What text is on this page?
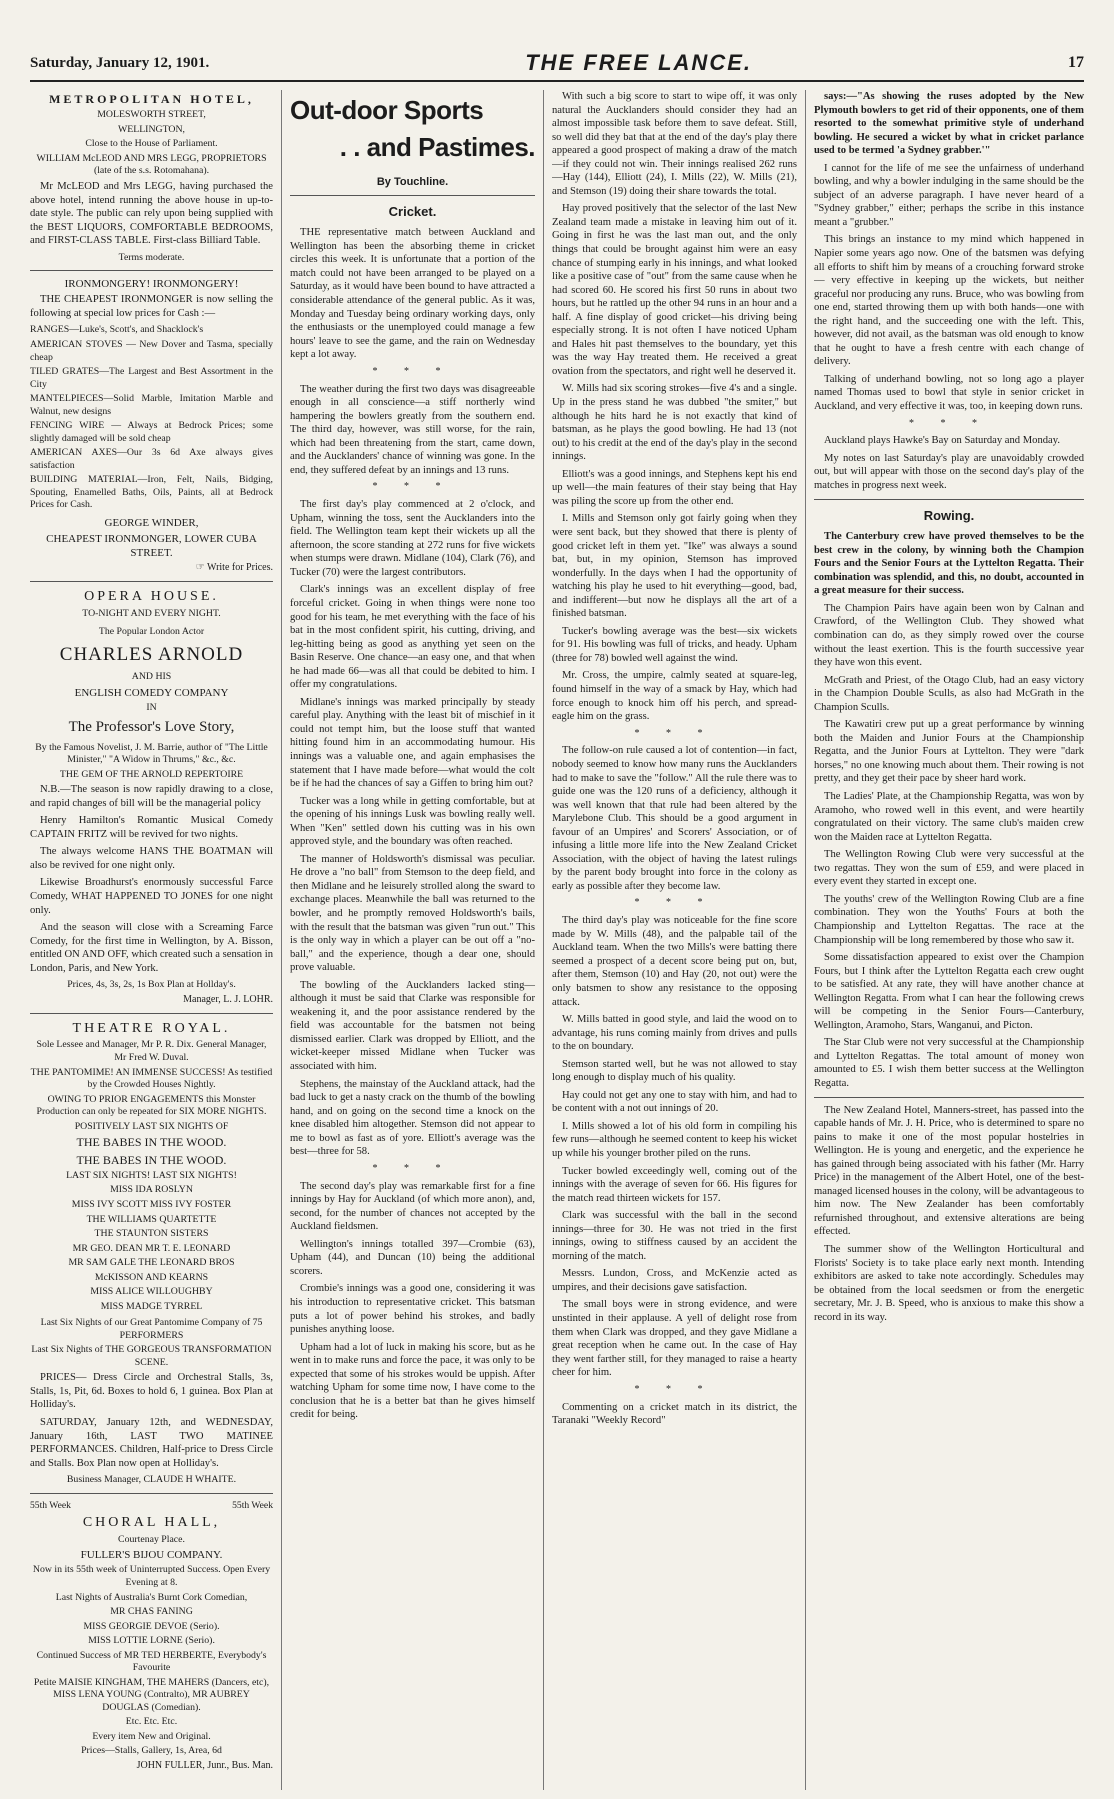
Saturday, January 12, 1901.	THE FREE LANCE.	17
METROPOLITAN HOTEL,
MOLESWORTH STREET,
WELLINGTON,
Close to the House of Parliament.
WILLIAM McLEOD AND MRS LEGG, PROPRIETORS (late of the s.s. Rotomahana).

Mr McLEOD and Mrs LEGG, having purchased the above hotel, intend running the above house in up-to-date style. The public can rely upon being supplied with the BEST LIQUORS, COMFORTABLE BEDROOMS, and FIRST-CLASS TABLE. First-class Billiard Table.

Terms moderate.
IRONMONGERY! IRONMONGERY!

THE CHEAPEST IRONMONGER is now selling the following at special low prices for Cash :—

RANGES—Luke's, Scott's, and Shacklock's
AMERICAN STOVES — New Dover and Tasma, specially cheap
TILED GRATES—The Largest and Best Assortment in the City
MANTELPIECES—Solid Marble, Imitation Marble and Walnut, new designs
FENCING WIRE — Always at Bedrock Prices; some slightly damaged will be sold cheap
AMERICAN AXES—Our 3s 6d Axe always gives satisfaction
BUILDING MATERIAL—Iron, Felt, Nails, Bidging, Spouting, Enamelled Baths, Oils, Paints, all at Bedrock Prices for Cash.
GEORGE WINDER,
CHEAPEST IRONMONGER, LOWER CUBA STREET.
☞ Write for Prices.
OPERA HOUSE.
TO-NIGHT AND EVERY NIGHT.
The Popular London Actor
CHARLES ARNOLD
AND HIS
ENGLISH COMEDY COMPANY
IN
The Professor's Love Story,
By the Famous Novelist, J. M. Barrie, author of "The Little Minister," "A Widow in Thrums," &c., &c.
THE GEM OF THE ARNOLD REPERTOIRE

N.B.—The season is now rapidly drawing to a close, and rapid changes of bill will be the managerial policy

Henry Hamilton's Romantic Musical Comedy CAPTAIN FRITZ will be revived for two nights.

The always welcome HANS THE BOATMAN will also be revived for one night only.

Likewise Broadhurst's enormously successful Farce Comedy, WHAT HAPPENED TO JONES for one night only.

And the season will close with a Screaming Farce Comedy, for the first time in Wellington, by A. Bisson, entitled ON AND OFF, which created such a sensation in London, Paris, and New York.

Prices, 4s, 3s, 2s, 1s Box Plan at Hollday's.
Manager, L. J. LOHR.
THEATRE ROYAL.
Sole Lessee and Manager, Mr P. R. Dix. General Manager, Mr Fred W. Duval.
THE PANTOMIME! AN IMMENSE SUCCESS! As testified by the Crowded Houses Nightly.
OWING TO PRIOR ENGAGEMENTS this Monster Production can only be repeated for SIX MORE NIGHTS.
POSITIVELY LAST SIX NIGHTS OF
THE BABES IN THE WOOD.
THE BABES IN THE WOOD.
LAST SIX NIGHTS! LAST SIX NIGHTS!
MISS IDA ROSLYN
MISS IVY SCOTT MISS IVY FOSTER
THE WILLIAMS QUARTETTE
THE STAUNTON SISTERS
MR GEO. DEAN MR T. E. LEONARD
MR SAM GALE THE LEONARD BROS
McKISSON AND KEARNS
MISS ALICE WILLOUGHBY
MISS MADGE TYRREL
Last Six Nights of our Great Pantomime Company of 75 PERFORMERS
Last Six Nights of THE GORGEOUS TRANSFORMATION SCENE.

PRICES— Dress Circle and Orchestral Stalls, 3s, Stalls, 1s, Pit, 6d. Boxes to hold 6, 1 guinea. Box Plan at Holliday's.

SATURDAY, January 12th, and WEDNESDAY, January 16th, LAST TWO MATINEE PERFORMANCES. Children, Half-price to Dress Circle and Stalls. Box Plan now open at Holliday's.

Business Manager, CLAUDE H WHAITE.
55th Week	55th Week
CHORAL HALL,
Courtenay Place.
FULLER'S BIJOU COMPANY.
Now in its 55th week of Uninterrupted Success. Open Every Evening at 8.
Last Nights of Australia's Burnt Cork Comedian,
MR CHAS FANING
MISS GEORGIE DEVOE (Serio).
MISS LOTTIE LORNE (Serio).
Continued Success of MR TED HERBERTE, Everybody's Favourite
Petite MAISIE KINGHAM, THE MAHERS (Dancers, etc), MISS LENA YOUNG (Contralto), MR AUBREY DOUGLAS (Comedian).
Etc. Etc. Etc.
Every item New and Original.
Prices—Stalls, Gallery, 1s, Area, 6d
JOHN FULLER, Junr., Bus. Man.
Out-door Sports
. . and Pastimes.
By Touchline.
Cricket.

THE representative match between Auckland and Wellington has been the absorbing theme in cricket circles this week. It is unfortunate that a portion of the match could not have been arranged to be played on a Saturday, as it would have been bound to have attracted a considerable attendance of the general public. As it was, Monday and Tuesday being ordinary working days, only the enthusiasts or the unemployed could manage a few hours' leave to see the game, and the rain on Wednesday kept a lot away.

* * *

The weather during the first two days was disagreeable enough in all conscience—a stiff northerly wind hampering the bowlers greatly from the southern end. The third day, however, was still worse, for the rain, which had been threatening from the start, came down, and the Aucklanders' chance of winning was gone. In the end, they suffered defeat by an innings and 13 runs.

* * *

The first day's play commenced at 2 o'clock, and Upham, winning the toss, sent the Aucklanders into the field. The Wellington team kept their wickets up all the afternoon, the score standing at 272 runs for five wickets when stumps were drawn. Midlane (104), Clark (76), and Tucker (70) were the largest contributors.

Clark's innings was an excellent display of free forceful cricket. Going in when things were none too good for his team, he met everything with the face of his bat in the most confident spirit, his cutting, driving, and leg-hitting being as good as anything yet seen on the Basin Reserve. One chance—an easy one, and that when he had made 66—was all that could be debited to him. I offer my congratulations.

Midlane's innings was marked principally by steady careful play. Anything with the least bit of mischief in it could not tempt him, but the loose stuff that wanted hitting found him in an accommodating humour. His innings was a valuable one, and again emphasises the statement that I have made before—what would the colt be if he had the chances of say a Giffen to bring him out?

Tucker was a long while in getting comfortable, but at the opening of his innings Lusk was bowling really well. When "Ken" settled down his cutting was in his own approved style, and the boundary was often reached.

The manner of Holdsworth's dismissal was peculiar. He drove a "no ball" from Stemson to the deep field, and then Midlane and he leisurely strolled along the sward to exchange places. Meanwhile the ball was returned to the bowler, and he promptly removed Holdsworth's bails, with the result that the batsman was given "run out." This is the only way in which a player can be out off a "no-ball," and the experience, though a dear one, should prove valuable.

The bowling of the Aucklanders lacked sting—although it must be said that Clarke was responsible for weakening it, and the poor assistance rendered by the field was accountable for the batsmen not being dismissed earlier. Clark was dropped by Elliott, and the wicket-keeper missed Midlane when Tucker was associated with him.

Stephens, the mainstay of the Auckland attack, had the bad luck to get a nasty crack on the thumb of the bowling hand, and on going on the second time a knock on the knee disabled him altogether. Stemson did not appear to me to bowl as fast as of yore. Elliott's average was the best—three for 58.

* * *

The second day's play was remarkable first for a fine innings by Hay for Auckland (of which more anon), and, second, for the number of chances not accepted by the Auckland fieldsmen.

Wellington's innings totalled 397—Crombie (63), Upham (44), and Duncan (10) being the additional scorers.

Crombie's innings was a good one, considering it was his introduction to representative cricket. This batsman puts a lot of power behind his strokes, and badly punishes anything loose.

Upham had a lot of luck in making his score, but as he went in to make runs and force the pace, it was only to be expected that some of his strokes would be uppish. After watching Upham for some time now, I have come to the conclusion that he is a better bat than he gives himself credit for being.

With such a big score to start to wipe off, it was only natural the Aucklanders should consider they had an almost impossible task before them to save defeat. Still, so well did they bat that at the end of the day's play there appeared a good prospect of making a draw of the match—if they could not win. Their innings realised 262 runs—Hay (144), Elliott (24), I. Mills (22), W. Mills (21), and Stemson (19) doing their share towards the total.

Hay proved positively that the selector of the last New Zealand team made a mistake in leaving him out of it. Going in first he was the last man out, and the only things that could be brought against him were an easy chance of stumping early in his innings, and what looked like a positive case of "out" from the same cause when he had scored 60. He scored his first 50 runs in about two hours, but he rattled up the other 94 runs in an hour and a half. A fine display of good cricket—his driving being especially strong. It is not often I have noticed Upham and Hales hit past themselves to the boundary, yet this was the way Hay treated them. He received a great ovation from the spectators, and right well he deserved it.

W. Mills had six scoring strokes—five 4's and a single. Up in the press stand he was dubbed "the smiter," but although he hits hard he is not exactly that kind of batsman, as he plays the good bowling. He had 13 (not out) to his credit at the end of the day's play in the second innings.

Elliott's was a good innings, and Stephens kept his end up well—the main features of their stay being that Hay was piling the score up from the other end.

I. Mills and Stemson only got fairly going when they were sent back, but they showed that there is plenty of good cricket left in them yet. "Ike" was always a sound bat, but, in my opinion, Stemson has improved wonderfully. In the days when I had the opportunity of watching his play he used to hit everything—good, bad, and indifferent—but now he displays all the art of a finished batsman.

Tucker's bowling average was the best—six wickets for 91. His bowling was full of tricks, and heady. Upham (three for 78) bowled well against the wind.

Mr. Cross, the umpire, calmly seated at square-leg, found himself in the way of a smack by Hay, which had force enough to knock him off his perch, and spread-eagle him on the grass.

* * *

The follow-on rule caused a lot of contention—in fact, nobody seemed to know how many runs the Aucklanders had to make to save the "follow." All the rule there was to guide one was the 120 runs of a deficiency, although it was well known that that rule had been altered by the Marylebone Club. This should be a good argument in favour of an Umpires' and Scorers' Association, or of infusing a little more life into the New Zealand Cricket Association, with the object of having the latest rulings by the parent body brought into force in the colony as early as possible after they become law.

* * *

The third day's play was noticeable for the fine score made by W. Mills (48), and the palpable tail of the Auckland team. When the two Mills's were batting there seemed a prospect of a decent score being put on, but, after them, Stemson (10) and Hay (20, not out) were the only batsmen to show any resistance to the opposing attack.

W. Mills batted in good style, and laid the wood on to advantage, his runs coming mainly from drives and pulls to the on boundary.

Stemson started well, but he was not allowed to stay long enough to display much of his quality.

Hay could not get any one to stay with him, and had to be content with a not out innings of 20.

I. Mills showed a lot of his old form in compiling his few runs—although he seemed content to keep his wicket up while his younger brother piled on the runs.

Tucker bowled exceedingly well, coming out of the innings with the average of seven for 66. His figures for the match read thirteen wickets for 157.

Clark was successful with the ball in the second innings—three for 30. He was not tried in the first innings, owing to stiffness caused by an accident the morning of the match.

Messrs. Lundon, Cross, and McKenzie acted as umpires, and their decisions gave satisfaction.

The small boys were in strong evidence, and were unstinted in their applause. A yell of delight rose from them when Clark was dropped, and they gave Midlane a great reception when he came out. In the case of Hay they went farther still, for they managed to raise a hearty cheer for him.

* * *

Commenting on a cricket match in its district, the Taranaki "Weekly Record"

says:—"As showing the ruses adopted by the New Plymouth bowlers to get rid of their opponents, one of them resorted to the somewhat primitive style of underhand bowling. He secured a wicket by what in cricket parlance used to be termed 'a Sydney grabber.'"

I cannot for the life of me see the unfairness of underhand bowling, and why a bowler indulging in the same should be the subject of an adverse paragraph. I have never heard of a "Sydney grabber," either; perhaps the scribe in this instance meant a "grubber."

This brings an instance to my mind which happened in Napier some years ago now. One of the batsmen was defying all efforts to shift him by means of a crouching forward stroke — very effective in keeping up the wickets, but neither graceful nor producing any runs. Bruce, who was bowling from one end, started throwing them up with both hands—one with the right hand, and the succeeding one with the left. This, however, did not avail, as the batsman was old enough to know that he ought to have a fresh centre with each change of delivery.

Talking of underhand bowling, not so long ago a player named Thomas used to bowl that style in senior cricket in Auckland, and very effective it was, too, in keeping down runs.

* * *

Auckland plays Hawke's Bay on Saturday and Monday.

My notes on last Saturday's play are unavoidably crowded out, but will appear with those on the second day's play of the matches in progress next week.

Rowing.

The Canterbury crew have proved themselves to be the best crew in the colony, by winning both the Champion Fours and the Senior Fours at the Lyttelton Regatta. Their combination was splendid, and this, no doubt, accounted in a great measure for their success.

The Champion Pairs have again been won by Calnan and Crawford, of the Wellington Club. They showed what combination can do, as they simply rowed over the course without the least exertion. This is the fourth successive year they have won this event.

McGrath and Priest, of the Otago Club, had an easy victory in the Champion Double Sculls, as also had McGrath in the Champion Sculls.

The Kawatiri crew put up a great performance by winning both the Maiden and Junior Fours at the Championship Regatta, and the Junior Fours at Lyttelton. They were "dark horses," no one knowing much about them. Their rowing is not pretty, and they get their pace by sheer hard work.

The Ladies' Plate, at the Championship Regatta, was won by Aramoho, who rowed well in this event, and were heartily congratulated on their victory. The same club's maiden crew won the Maiden race at Lyttelton Regatta.

The Wellington Rowing Club were very successful at the two regattas. They won the sum of £59, and were placed in every event they started in except one.

The youths' crew of the Wellington Rowing Club are a fine combination. They won the Youths' Fours at both the Championship and Lyttelton Regattas. The race at the Championship will be long remembered by those who saw it.

Some dissatisfaction appeared to exist over the Champion Fours, but I think after the Lyttelton Regatta each crew ought to be satisfied. At any rate, they will have another chance at Wellington Regatta. From what I can hear the following crews will be competing in the Senior Fours—Canterbury, Wellington, Aramoho, Stars, Wanganui, and Picton.

The Star Club were not very successful at the Championship and Lyttelton Regattas. The total amount of money won amounted to £5. I wish them better success at the Wellington Regatta.

The New Zealand Hotel, Manners-street, has passed into the capable hands of Mr. J. H. Price, who is determined to spare no pains to make it one of the most popular hostelries in Wellington. He is young and energetic, and the experience he has gained through being associated with his father (Mr. Harry Price) in the management of the Albert Hotel, one of the best-managed licensed houses in the colony, will be advantageous to him now. The New Zealander has been comfortably refurnished throughout, and extensive alterations are being effected.

The summer show of the Wellington Horticultural and Florists' Society is to take place early next month. Intending exhibitors are asked to take note accordingly. Schedules may be obtained from the local seedsmen or from the energetic secretary, Mr. J. B. Speed, who is anxious to make this show a record in its way.
